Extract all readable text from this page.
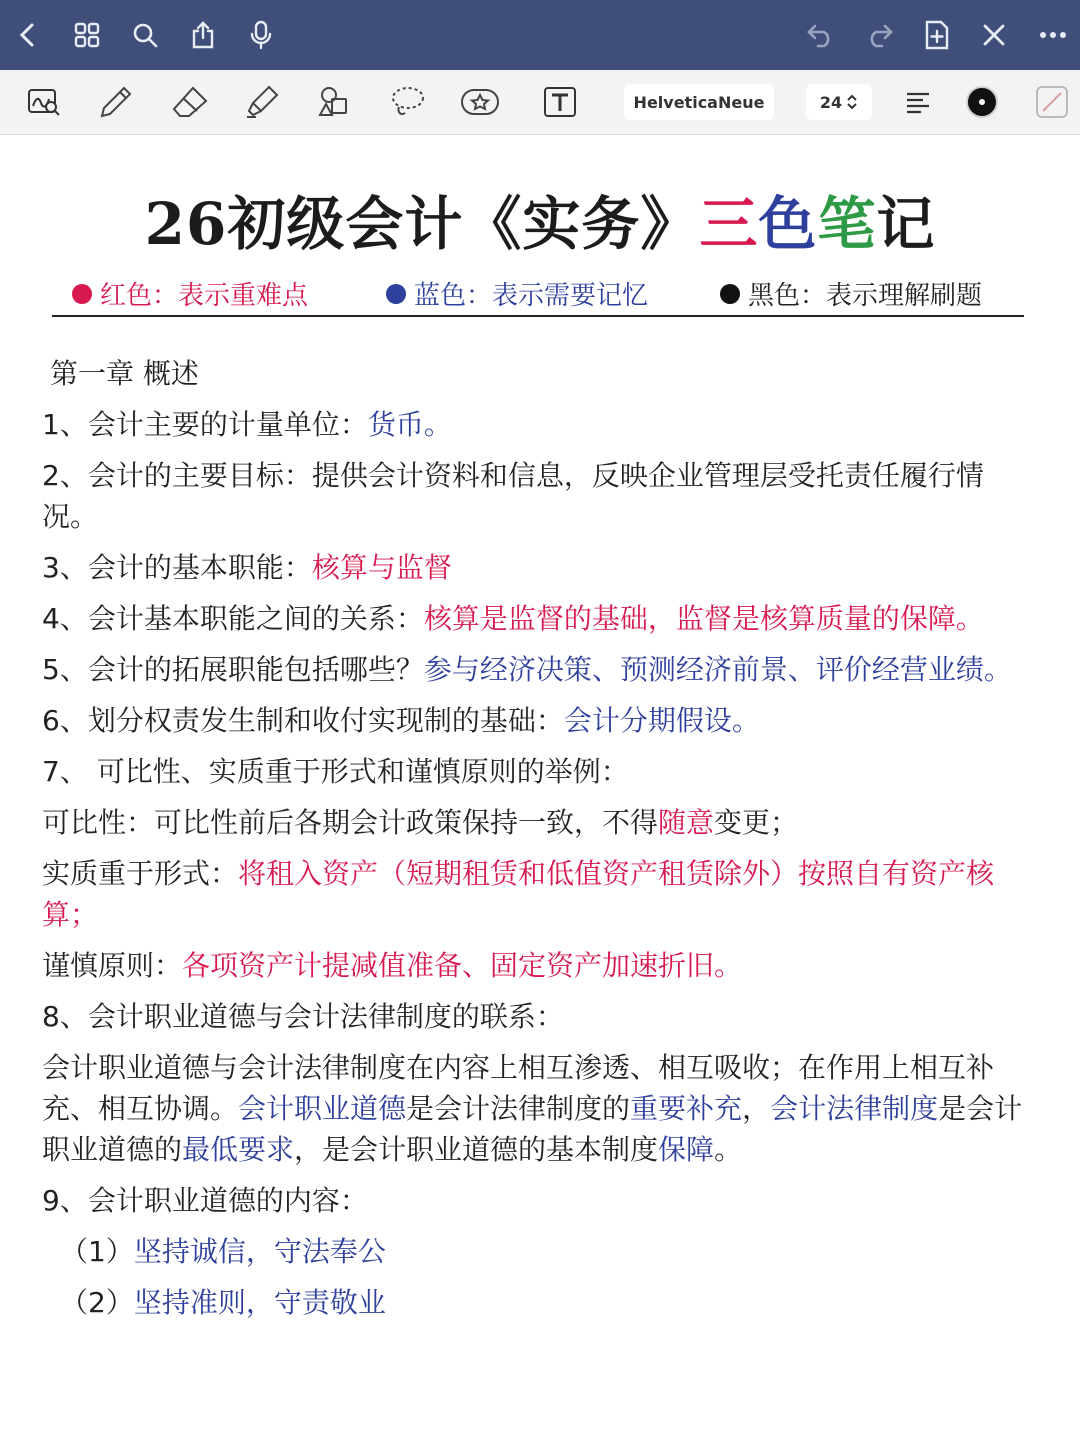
HelveticaNeue	24
26初级会计《实务》三色笔记
红色：表示重难点	蓝色：表示需要记忆	黑色：表示理解刷题
第一章 概述
1、会计主要的计量单位：货币。
2、会计的主要目标：提供会计资料和信息，反映企业管理层受托责任履行情况。
3、会计的基本职能：核算与监督
4、会计基本职能之间的关系：核算是监督的基础，监督是核算质量的保障。
5、会计的拓展职能包括哪些？参与经济决策、预测经济前景、评价经营业绩。
6、划分权责发生制和收付实现制的基础：会计分期假设。
7、 可比性、实质重于形式和谨慎原则的举例：
可比性：可比性前后各期会计政策保持一致，不得随意变更；
实质重于形式：将租入资产（短期租赁和低值资产租赁除外）按照自有资产核算；
谨慎原则：各项资产计提减值准备、固定资产加速折旧。
8、会计职业道德与会计法律制度的联系：
会计职业道德与会计法律制度在内容上相互渗透、相互吸收；在作用上相互补充、相互协调。会计职业道德是会计法律制度的重要补充，会计法律制度是会计职业道德的最低要求，是会计职业道德的基本制度保障。
9、会计职业道德的内容：
（1）坚持诚信，守法奉公
（2）坚持准则，守责敬业
